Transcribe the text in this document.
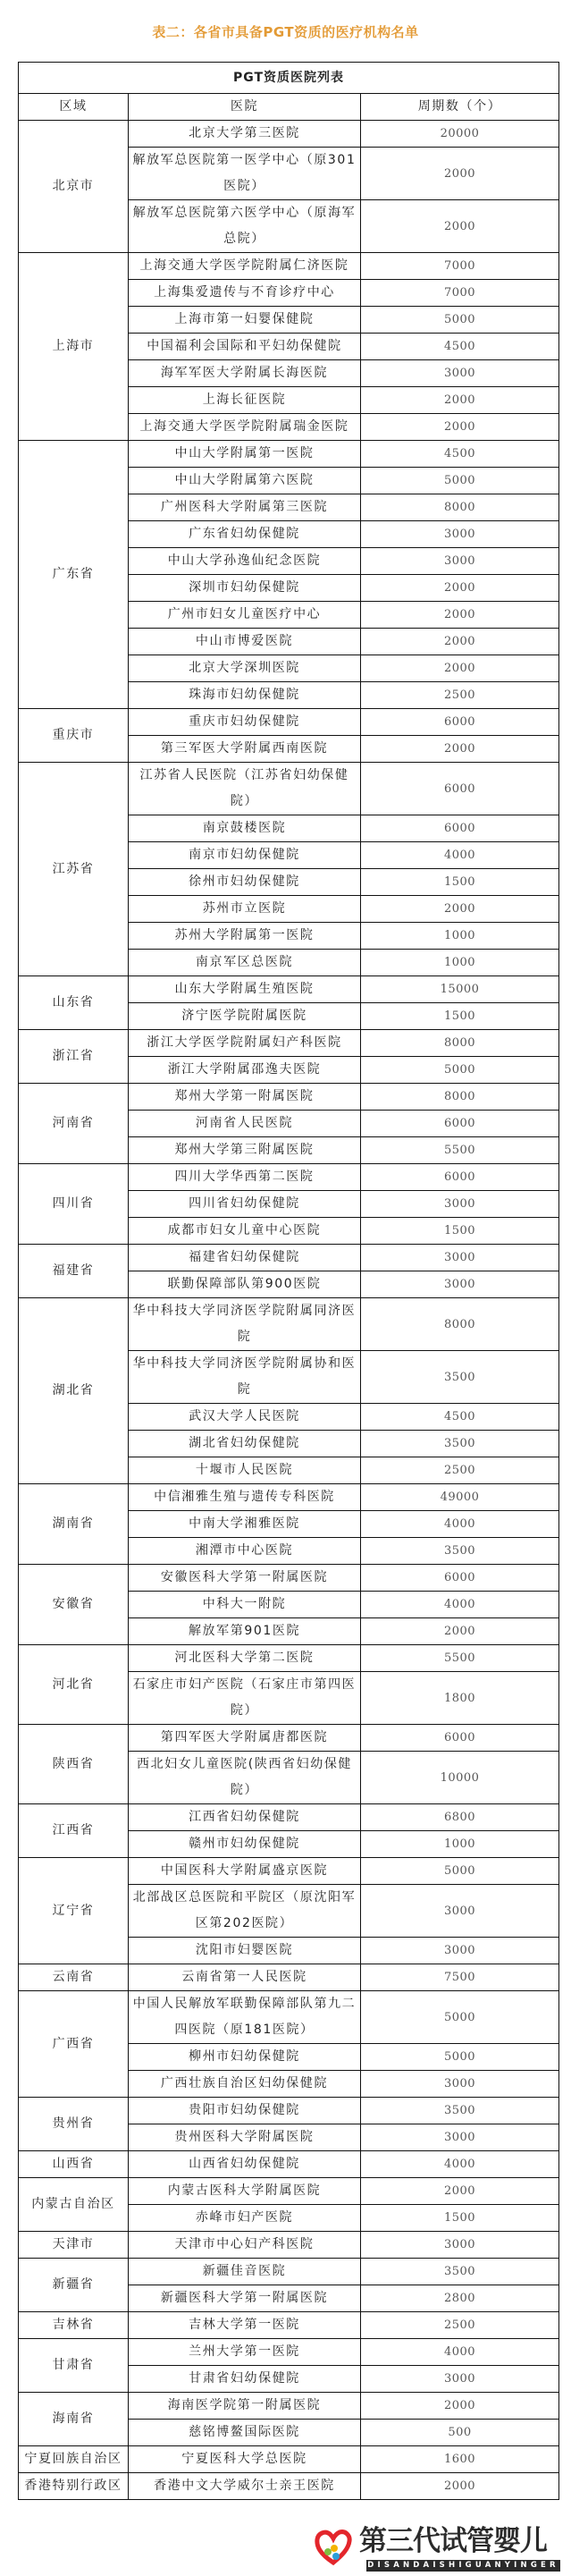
表二：各省市具备PGT资质的医疗机构名单
PGT资质医院列表		
区域	医院	周期数（个）
北京市	北京大学第三医院	20000
	解放军总医院第一医学中心（原301医院）	2000
	解放军总医院第六医学中心（原海军总院）	2000
上海市	上海交通大学医学院附属仁济医院	7000
	上海集爱遗传与不育诊疗中心	7000
	上海市第一妇婴保健院	5000
	中国福利会国际和平妇幼保健院	4500
	海军军医大学附属长海医院	3000
	上海长征医院	2000
	上海交通大学医学院附属瑞金医院	2000
广东省	中山大学附属第一医院	4500
	中山大学附属第六医院	5000
	广州医科大学附属第三医院	8000
	广东省妇幼保健院	3000
	中山大学孙逸仙纪念医院	3000
	深圳市妇幼保健院	2000
	广州市妇女儿童医疗中心	2000
	中山市博爱医院	2000
	北京大学深圳医院	2000
	珠海市妇幼保健院	2500
重庆市	重庆市妇幼保健院	6000
	第三军医大学附属西南医院	2000
江苏省	江苏省人民医院（江苏省妇幼保健院）	6000
	南京鼓楼医院	6000
	南京市妇幼保健院	4000
	徐州市妇幼保健院	1500
	苏州市立医院	2000
	苏州大学附属第一医院	1000
	南京军区总医院	1000
山东省	山东大学附属生殖医院	15000
	济宁医学院附属医院	1500
浙江省	浙江大学医学院附属妇产科医院	8000
	浙江大学附属邵逸夫医院	5000
河南省	郑州大学第一附属医院	8000
	河南省人民医院	6000
	郑州大学第三附属医院	5500
四川省	四川大学华西第二医院	6000
	四川省妇幼保健院	3000
	成都市妇女儿童中心医院	1500
福建省	福建省妇幼保健院	3000
	联勤保障部队第900医院	3000
湖北省	华中科技大学同济医学院附属同济医院	8000
	华中科技大学同济医学院附属协和医院	3500
	武汉大学人民医院	4500
	湖北省妇幼保健院	3500
	十堰市人民医院	2500
湖南省	中信湘雅生殖与遗传专科医院	49000
	中南大学湘雅医院	4000
	湘潭市中心医院	3500
安徽省	安徽医科大学第一附属医院	6000
	中科大一附院	4000
	解放军第901医院	2000
河北省	河北医科大学第二医院	5500
	石家庄市妇产医院（石家庄市第四医院）	1800
陕西省	第四军医大学附属唐都医院	6000
	西北妇女儿童医院(陕西省妇幼保健院）	10000
江西省	江西省妇幼保健院	6800
	赣州市妇幼保健院	1000
辽宁省	中国医科大学附属盛京医院	5000
	北部战区总医院和平院区（原沈阳军区第202医院）	3000
	沈阳市妇婴医院	3000
云南省	云南省第一人民医院	7500
广西省	中国人民解放军联勤保障部队第九二四医院（原181医院）	5000
	柳州市妇幼保健院	5000
	广西壮族自治区妇幼保健院	3000
贵州省	贵阳市妇幼保健院	3500
	贵州医科大学附属医院	3000
山西省	山西省妇幼保健院	4000
内蒙古自治区	内蒙古医科大学附属医院	2000
	赤峰市妇产医院	1500
天津市	天津市中心妇产科医院	3000
新疆省	新疆佳音医院	3500
	新疆医科大学第一附属医院	2800
吉林省	吉林大学第一医院	2500
甘肃省	兰州大学第一医院	4000
	甘肃省妇幼保健院	3000
海南省	海南医学院第一附属医院	2000
	慈铭博鳌国际医院	500
宁夏回族自治区	宁夏医科大学总医院	1600
香港特别行政区	香港中文大学威尔士亲王医院	2000
第三代试管婴儿
DISANDAISHIGUANYINGER
